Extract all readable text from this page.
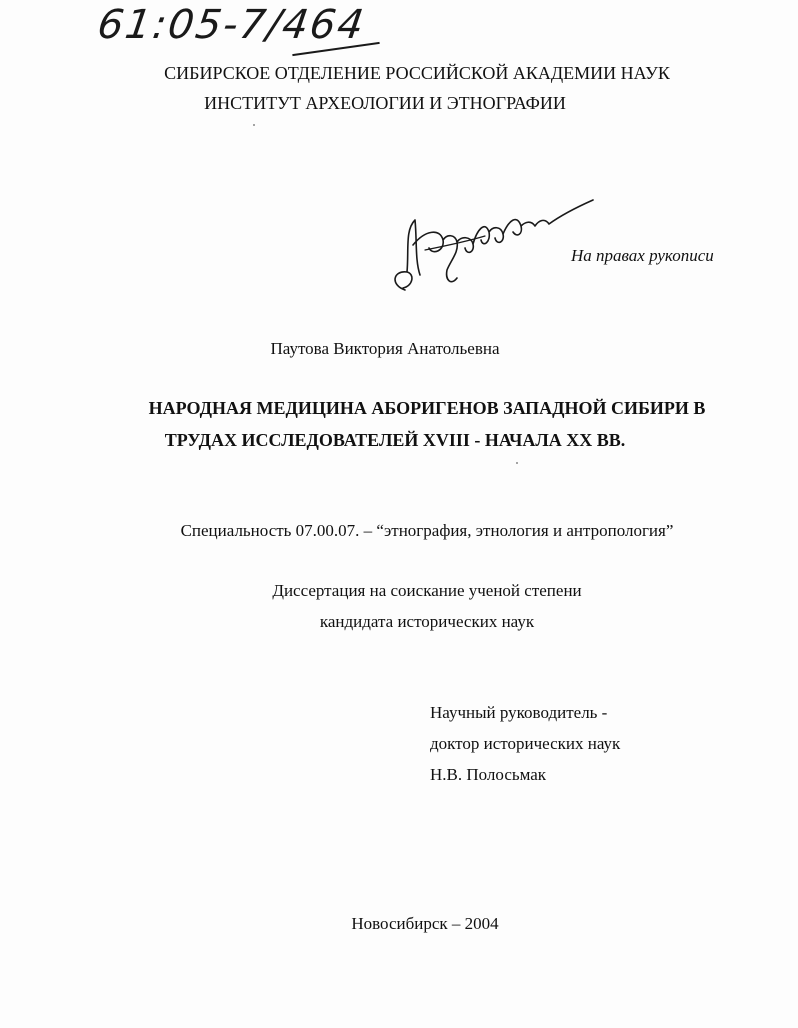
61:05-7/464
СИБИРСКОЕ ОТДЕЛЕНИЕ РОССИЙСКОЙ АКАДЕМИИ НАУК
ИНСТИТУТ АРХЕОЛОГИИ И ЭТНОГРАФИИ
На правах рукописи
Паутова Виктория Анатольевна
НАРОДНАЯ МЕДИЦИНА АБОРИГЕНОВ ЗАПАДНОЙ СИБИРИ В
ТРУДАХ ИССЛЕДОВАТЕЛЕЙ XVIII - НАЧАЛА XX ВВ.
Специальность 07.00.07. – “этнография, этнология и антропология”
Диссертация на соискание ученой степени
кандидата исторических наук
Научный руководитель -
доктор исторических наук
Н.В. Полосьмак
Новосибирск – 2004
